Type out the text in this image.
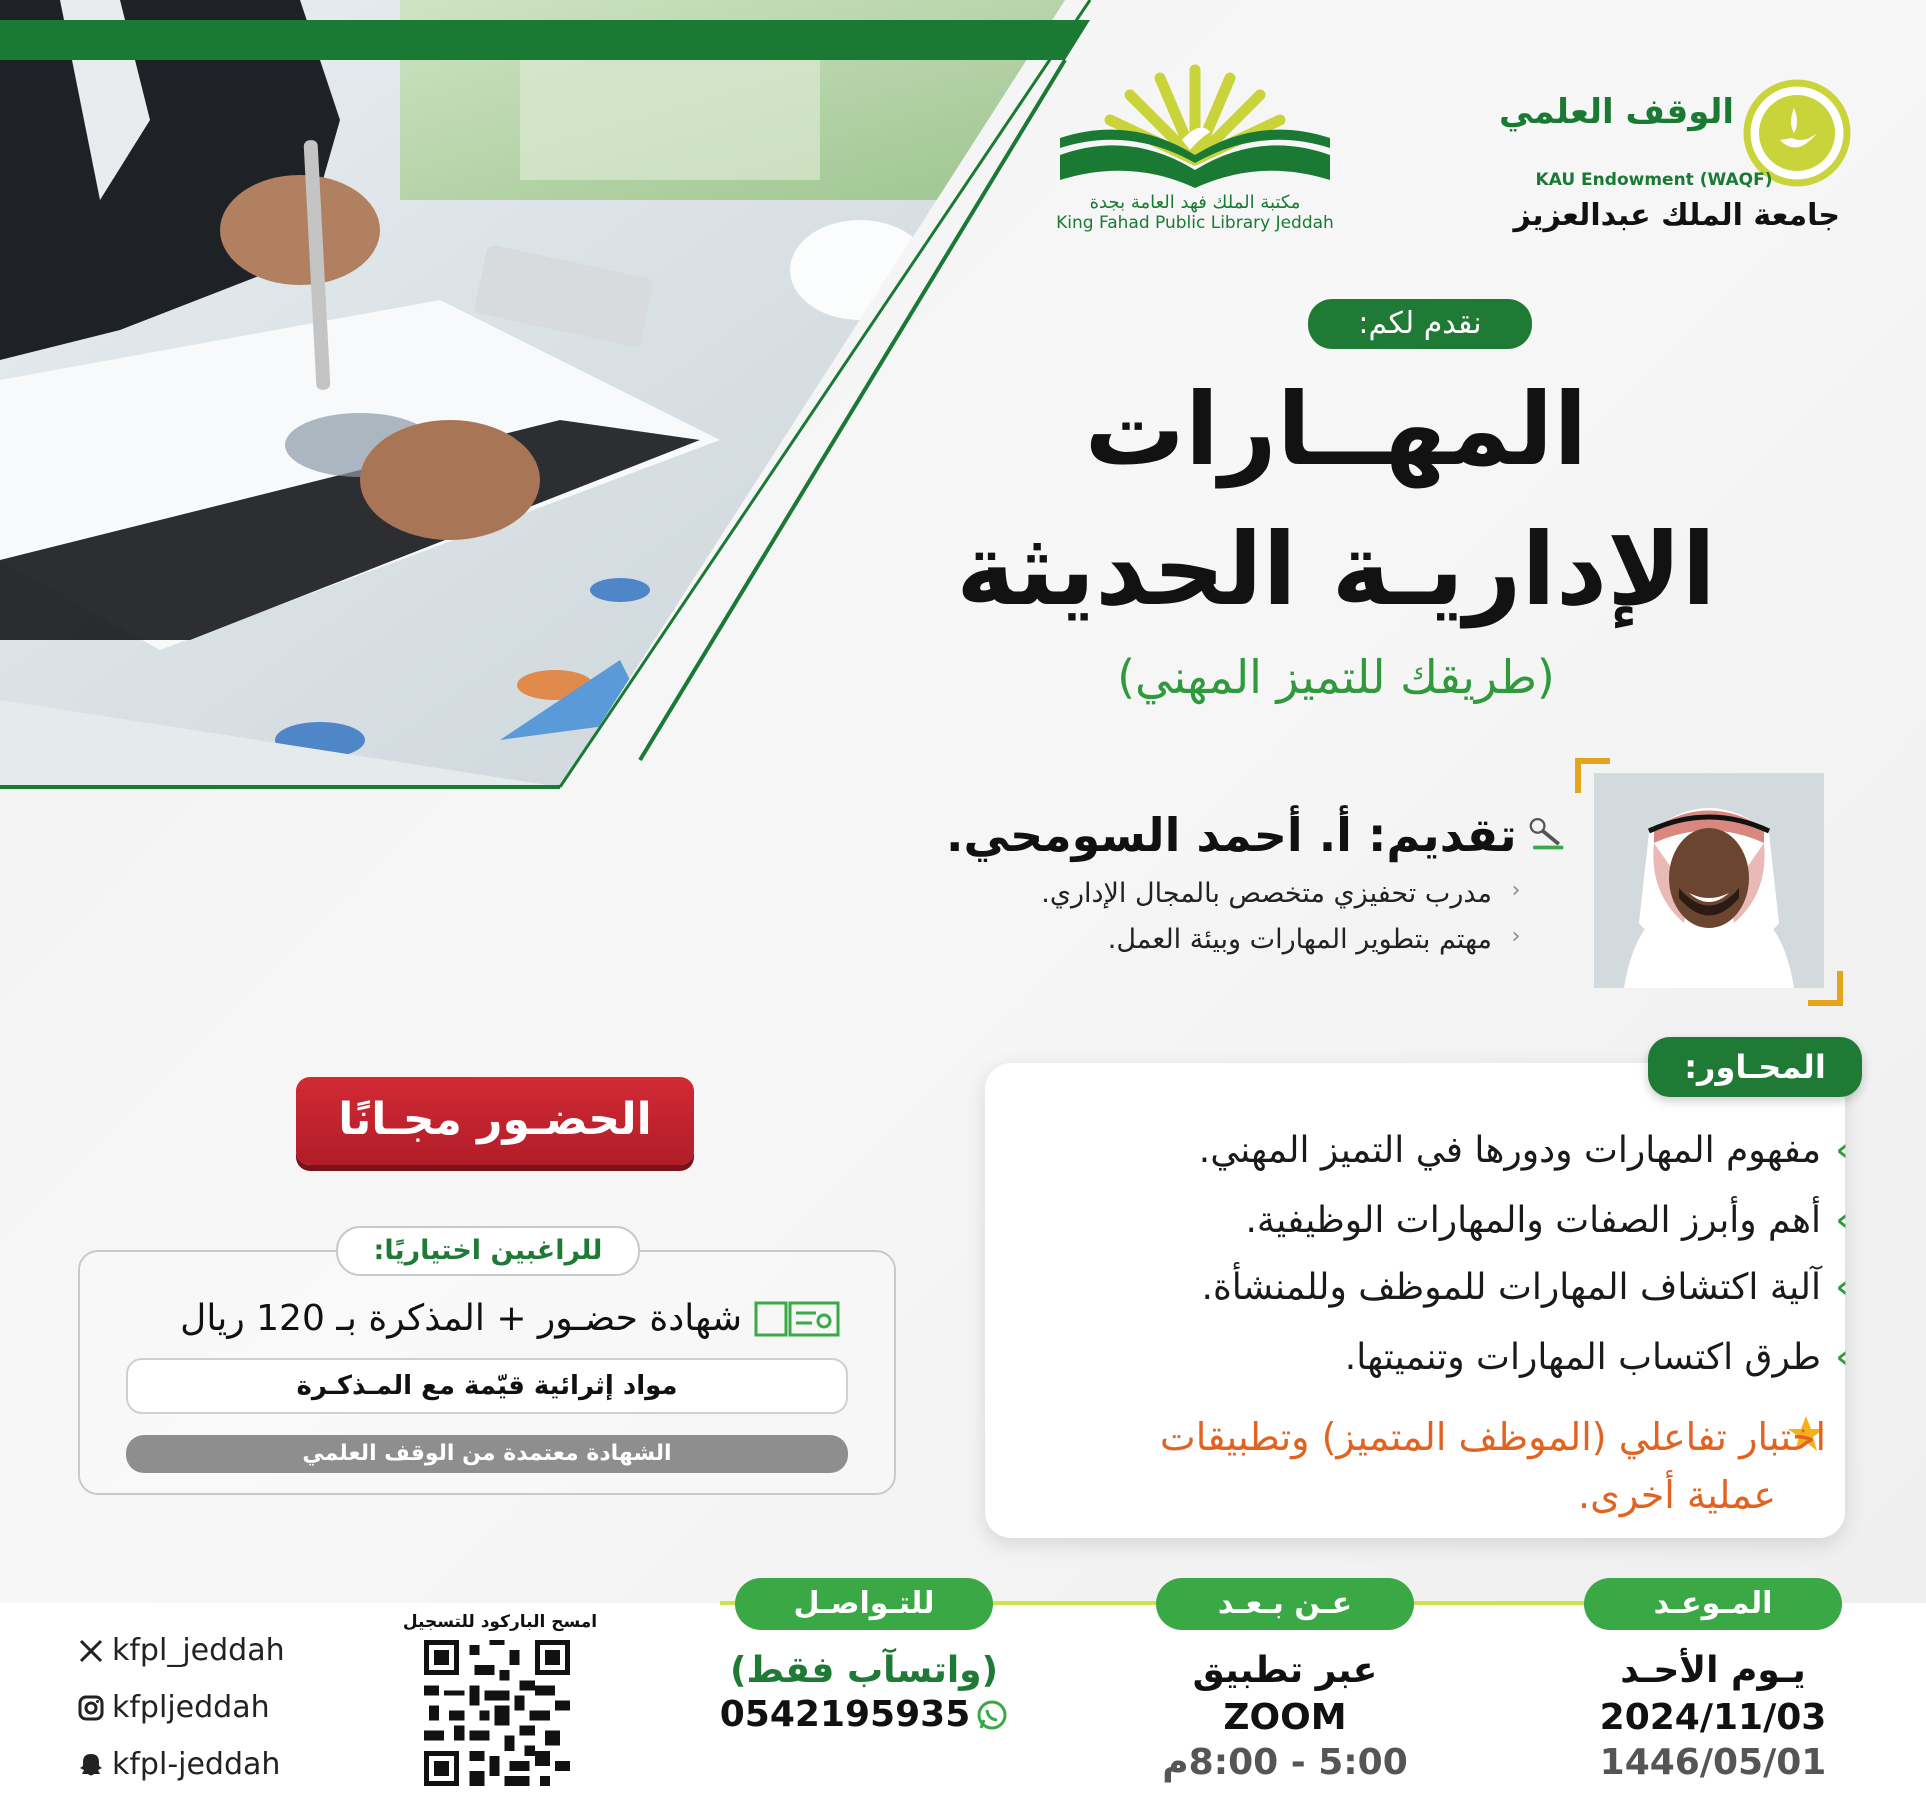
مكتبة الملك فهد العامة بجدة
King Fahad Public Library Jeddah
الوقف العلمي
KAU Endowment (WAQF)
جامعة الملك عبدالعزيز
نقدم لكم:
المهــارات
الإداريـة الحديثة
(طريقك للتميز المهني)
تقديم: أ. أحمد السومحي.
‹
مدرب تحفيزي متخصص بالمجال الإداري.
‹
مهتم بتطوير المهارات وبيئة العمل.
المحـاور:
‹
مفهوم المهارات ودورها في التميز المهني.
‹
أهم وأبرز الصفات والمهارات الوظيفية.
‹
آلية اكتشاف المهارات للموظف وللمنشأة.
‹
طرق اكتساب المهارات وتنميتها.
اختبار تفاعلي (الموظف المتميز) وتطبيقات
عملية أخرى.
الحضـور مجـانًا
للراغبين اختياريًا:
شهادة حضـور + المذكرة بـ 120 ريال
مواد إثرائية قيّمة مع المـذكـرة
الشهادة معتمدة من الوقف العلمي
المـوعـد
يـوم الأحـد
2024/11/03
1446/05/01
عـن بـعـد
عبر تطبيق
ZOOM
5:00 - 8:00م
للتـواصـل
(واتسآب فقط)
0542195935
امسح الباركود للتسجيل
kfpl_jeddah
kfpljeddah
kfpl-jeddah
